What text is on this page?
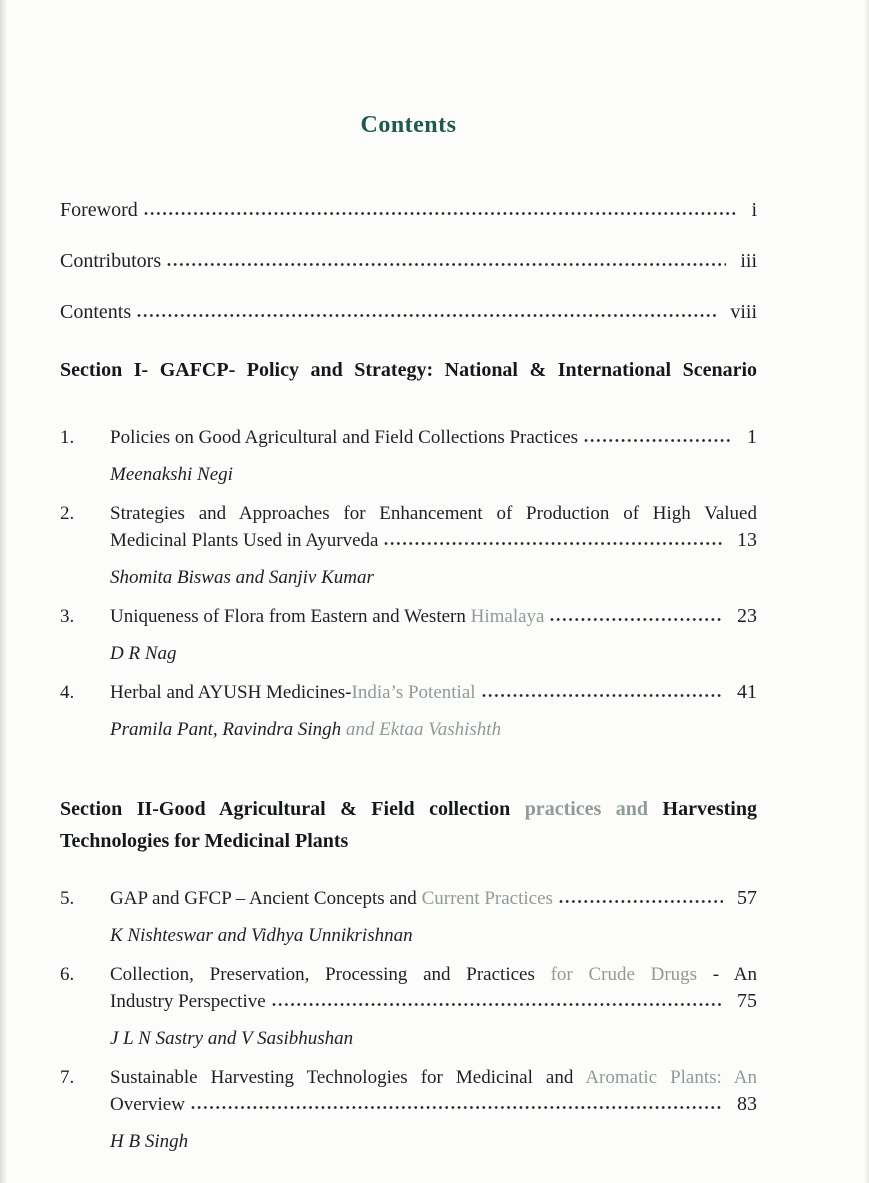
Contents
Foreword	i
Contributors	iii
Contents	viii
Section I- GAFCP- Policy and Strategy: National & International Scenario
1.	Policies on Good Agricultural and Field Collections Practices	1
Meenakshi Negi
2.	Strategies and Approaches for Enhancement of Production of High Valued
Medicinal Plants Used in Ayurveda	13
Shomita Biswas and Sanjiv Kumar
3.	Uniqueness of Flora from Eastern and Western Himalaya	23
D R Nag
4.	Herbal and AYUSH Medicines-India’s Potential	41
Pramila Pant, Ravindra Singh and Ektaa Vashishth
Section II-Good Agricultural & Field collection practices and Harvesting
Technologies for Medicinal Plants
5.	GAP and GFCP – Ancient Concepts and Current Practices	57
K Nishteswar and Vidhya Unnikrishnan
6.	Collection, Preservation, Processing and Practices for Crude Drugs - An
Industry Perspective	75
J L N Sastry and V Sasibhushan
7.	Sustainable Harvesting Technologies for Medicinal and Aromatic Plants: An
Overview	83
H B Singh
